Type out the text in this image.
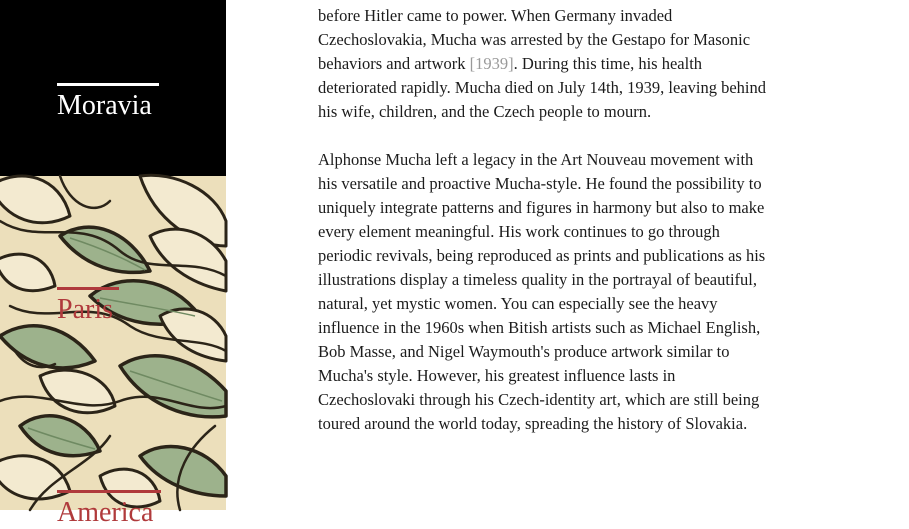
Moravia
Paris
America

before Hitler came to power. When Germany invaded
Czechoslovakia, Mucha was arrested by the Gestapo for Masonic
behaviors and artwork [1939]. During this time, his health deteriorated rapidly. Mucha died on July 14th, 1939, leaving behind his wife, children, and the Czech people to mourn.

Alphonse Mucha left a legacy in the Art Nouveau movement with his versatile and proactive Mucha-style. He found the possibility to uniquely integrate patterns and figures in harmony but also to make every element meaningful. His work continues to go through periodic revivals, being reproduced as prints and publications as his illustrations display a timeless quality in the portrayal of beautiful, natural, yet mystic women. You can especially see the heavy influence in the 1960s when Bitish artists such as Michael English, Bob Masse, and Nigel Waymouth's produce artwork similar to Mucha's style. However, his greatest influence lasts in Czechoslovaki through his Czech-identity art, which are still being toured around the world today, spreading the history of Slovakia.
